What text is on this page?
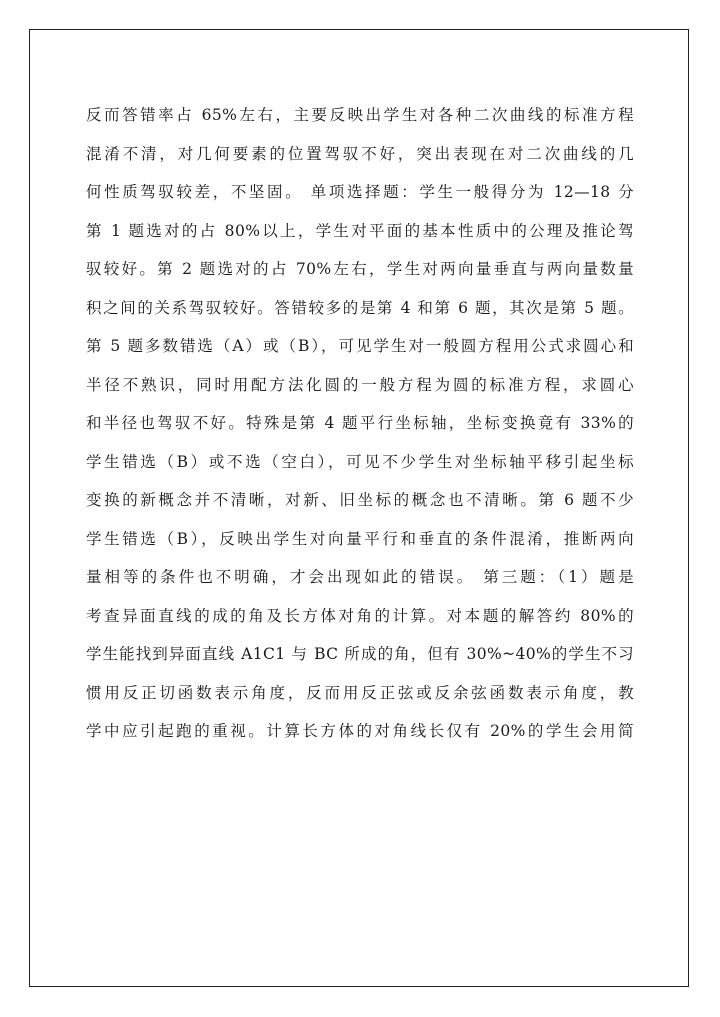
反而答错率占 65%左右，主要反映出学生对各种二次曲线的标准方程
混淆不清，对几何要素的位置驾驭不好，突出表现在对二次曲线的几
何性质驾驭较差，不坚固。 单项选择题：学生一般得分为 12—18 分
第 1 题选对的占 80%以上，学生对平面的基本性质中的公理及推论驾
驭较好。第 2 题选对的占 70%左右，学生对两向量垂直与两向量数量
积之间的关系驾驭较好。答错较多的是第 4 和第 6 题，其次是第 5 题。
第 5 题多数错选（A）或（B），可见学生对一般圆方程用公式求圆心和
半径不熟识，同时用配方法化圆的一般方程为圆的标准方程，求圆心
和半径也驾驭不好。特殊是第 4 题平行坐标轴，坐标变换竟有 33%的
学生错选（B）或不选（空白），可见不少学生对坐标轴平移引起坐标
变换的新概念并不清晰，对新、旧坐标的概念也不清晰。第 6 题不少
学生错选（B），反映出学生对向量平行和垂直的条件混淆，推断两向
量相等的条件也不明确，才会出现如此的错误。 第三题：（1）题是
考查异面直线的成的角及长方体对角的计算。对本题的解答约 80%的
学生能找到异面直线 A1C1 与 BC 所成的角，但有 30%~40%的学生不习
惯用反正切函数表示角度，反而用反正弦或反余弦函数表示角度，教
学中应引起跑的重视。计算长方体的对角线长仅有 20%的学生会用简
